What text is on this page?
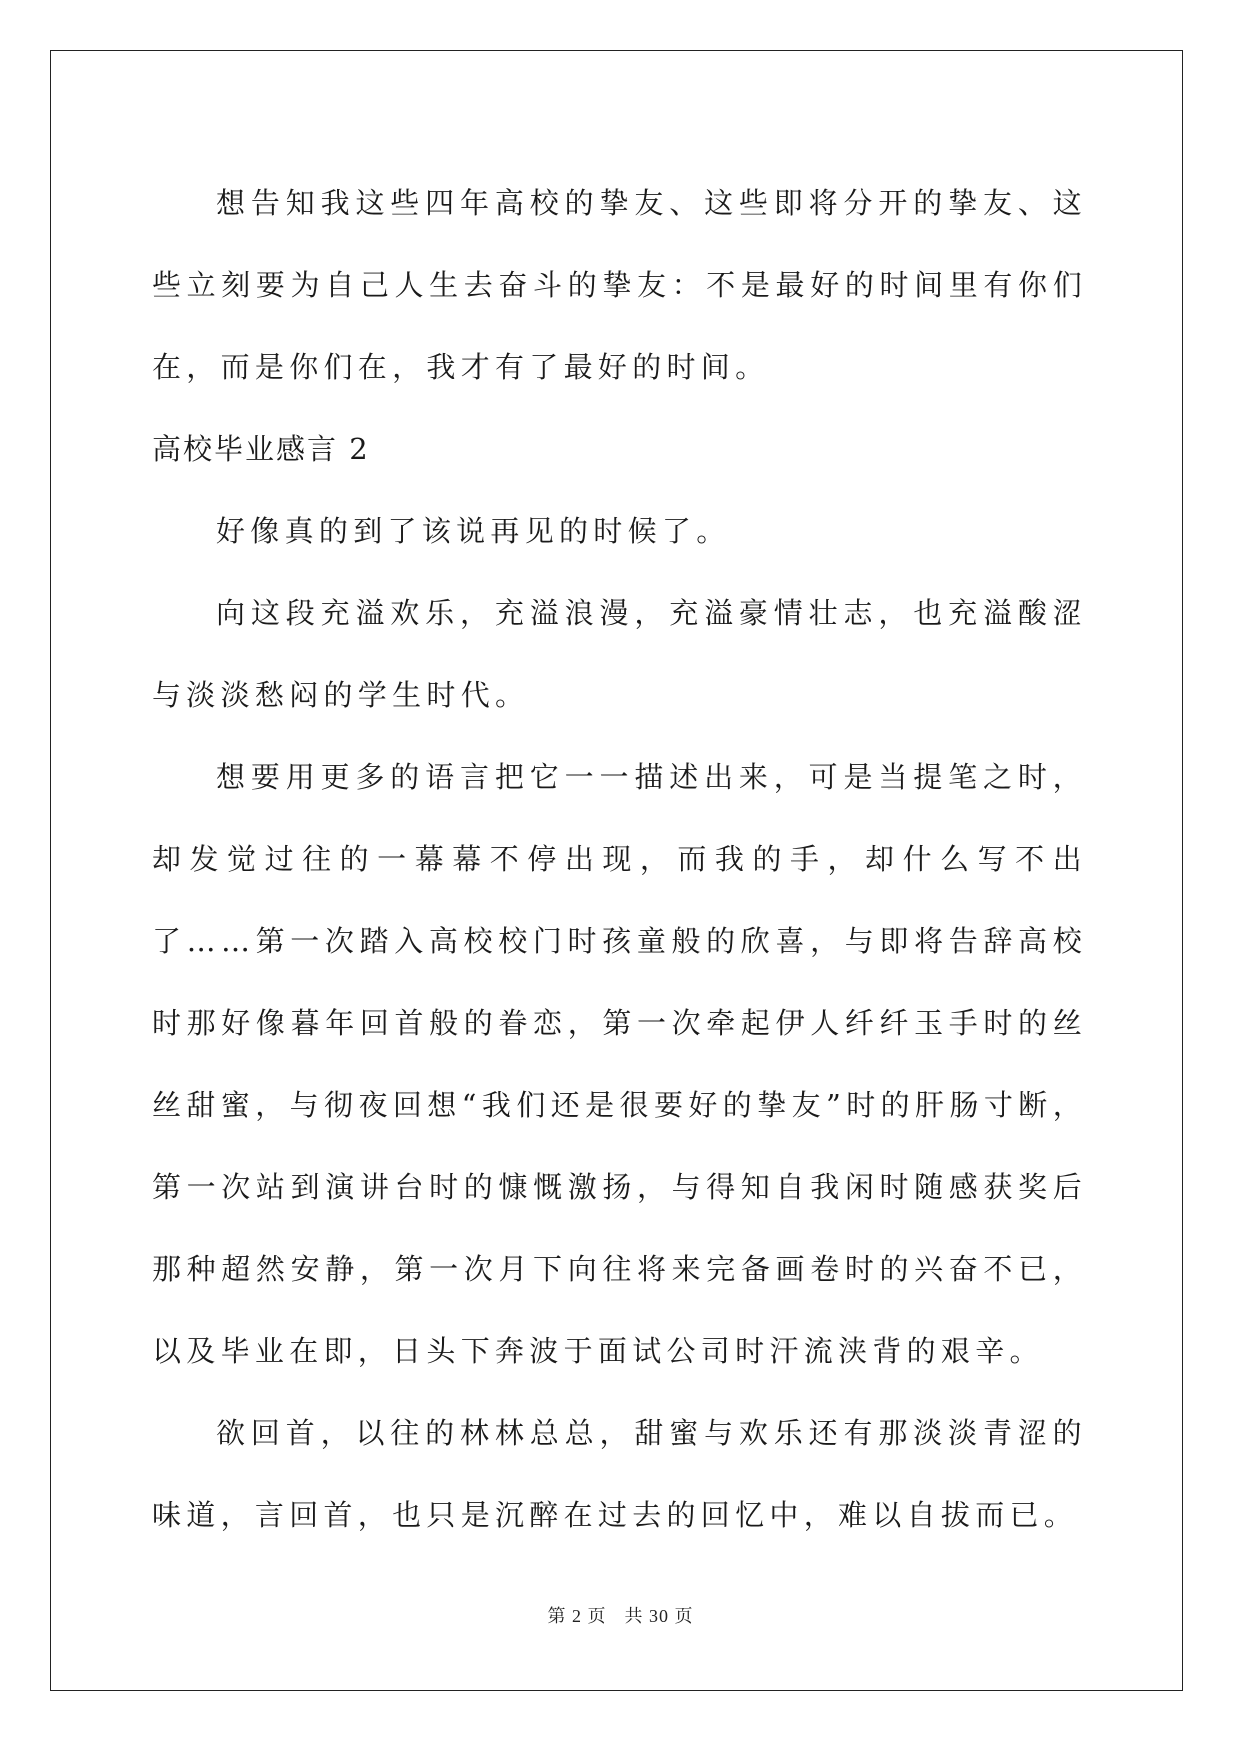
想告知我这些四年高校的挚友、这些即将分开的挚友、这些立刻要为自己人生去奋斗的挚友：不是最好的时间里有你们在，而是你们在，我才有了最好的时间。

高校毕业感言 2

好像真的到了该说再见的时候了。

向这段充溢欢乐，充溢浪漫，充溢豪情壮志，也充溢酸涩与淡淡愁闷的学生时代。

想要用更多的语言把它一一描述出来，可是当提笔之时，却发觉过往的一幕幕不停出现，而我的手，却什么写不出了……第一次踏入高校校门时孩童般的欣喜，与即将告辞高校时那好像暮年回首般的眷恋，第一次牵起伊人纤纤玉手时的丝丝甜蜜，与彻夜回想“我们还是很要好的挚友”时的肝肠寸断，第一次站到演讲台时的慷慨激扬，与得知自我闲时随感获奖后那种超然安静，第一次月下向往将来完备画卷时的兴奋不已，以及毕业在即，日头下奔波于面试公司时汗流浃背的艰辛。

欲回首，以往的林林总总，甜蜜与欢乐还有那淡淡青涩的味道，言回首，也只是沉醉在过去的回忆中，难以自拔而已。

第 2 页 共 30 页
